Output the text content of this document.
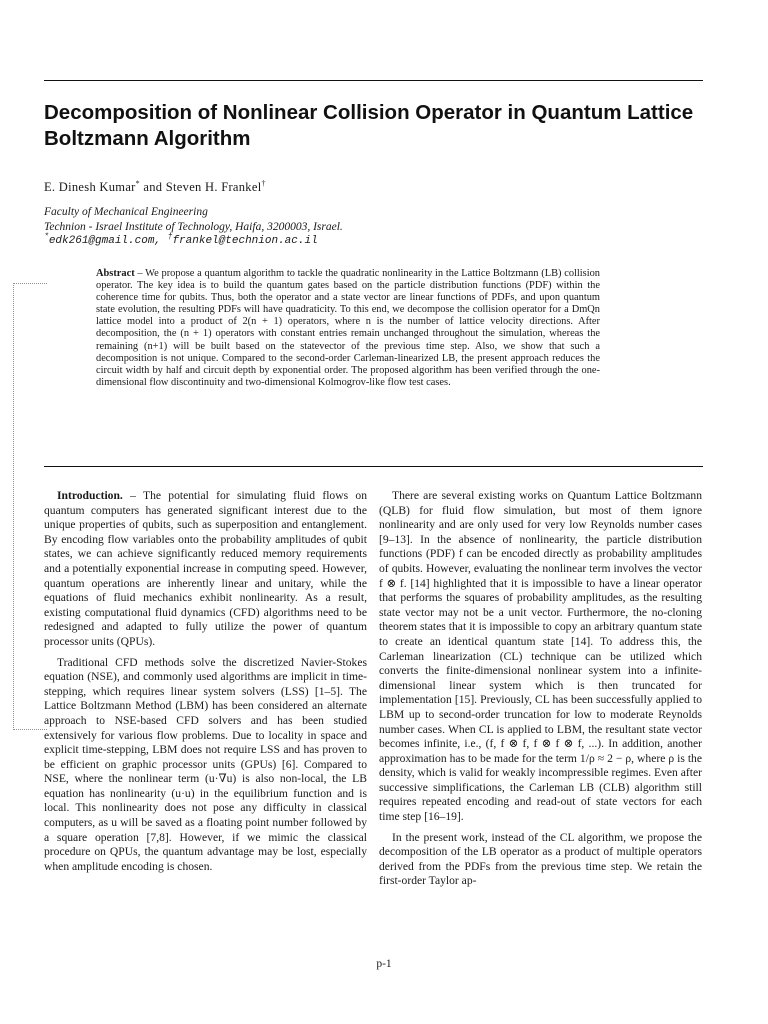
Decomposition of Nonlinear Collision Operator in Quantum Lattice Boltzmann Algorithm
E. Dinesh Kumar* and Steven H. Frankel†
Faculty of Mechanical Engineering
Technion - Israel Institute of Technology, Haifa, 3200003, Israel.
*edk261@gmail.com, †frankel@technion.ac.il

Abstract – We propose a quantum algorithm to tackle the quadratic nonlinearity in the Lattice Boltzmann (LB) collision operator. The key idea is to build the quantum gates based on the particle distribution functions (PDF) within the coherence time for qubits. Thus, both the operator and a state vector are linear functions of PDFs, and upon quantum state evolution, the resulting PDFs will have quadraticity. To this end, we decompose the collision operator for a DmQn lattice model into a product of 2(n + 1) operators, where n is the number of lattice velocity directions. After decomposition, the (n + 1) operators with constant entries remain unchanged throughout the simulation, whereas the remaining (n+1) will be built based on the statevector of the previous time step. Also, we show that such a decomposition is not unique. Compared to the second-order Carleman-linearized LB, the present approach reduces the circuit width by half and circuit depth by exponential order. The proposed algorithm has been verified through the one-dimensional flow discontinuity and two-dimensional Kolmogrov-like flow test cases.

Introduction. – The potential for simulating fluid flows on quantum computers has generated significant interest due to the unique properties of qubits, such as superposition and entanglement. By encoding flow variables onto the probability amplitudes of qubit states, we can achieve significantly reduced memory requirements and a potentially exponential increase in computing speed. However, quantum operations are inherently linear and unitary, while the equations of fluid mechanics exhibit nonlinearity. As a result, existing computational fluid dynamics (CFD) algorithms need to be redesigned and adapted to fully utilize the power of quantum processor units (QPUs).

Traditional CFD methods solve the discretized Navier-Stokes equation (NSE), and commonly used algorithms are implicit in time-stepping, which requires linear system solvers (LSS) [1–5]. The Lattice Boltzmann Method (LBM) has been considered an alternate approach to NSE-based CFD solvers and has been studied extensively for various flow problems. Due to locality in space and explicit time-stepping, LBM does not require LSS and has proven to be efficient on graphic processor units (GPUs) [6]. Compared to NSE, where the nonlinear term (u·∇u) is also non-local, the LB equation has nonlinearity (u·u) in the equilibrium function and is local. This nonlinearity does not pose any difficulty in classical computers, as u will be saved as a floating point number followed by a square operation [7,8]. However, if we mimic the classical procedure on QPUs, the quantum advantage may be lost, especially when amplitude encoding is chosen.

There are several existing works on Quantum Lattice Boltzmann (QLB) for fluid flow simulation, but most of them ignore nonlinearity and are only used for very low Reynolds number cases [9–13]. In the absence of nonlinearity, the particle distribution functions (PDF) f can be encoded directly as probability amplitudes of qubits. However, evaluating the nonlinear term involves the vector f ⊗ f. [14] highlighted that it is impossible to have a linear operator that performs the squares of probability amplitudes, as the resulting state vector may not be a unit vector. Furthermore, the no-cloning theorem states that it is impossible to copy an arbitrary quantum state to create an identical quantum state [14]. To address this, the Carleman linearization (CL) technique can be utilized which converts the finite-dimensional nonlinear system into a infinite-dimensional linear system which is then truncated for implementation [15]. Previously, CL has been successfully applied to LBM up to second-order truncation for low to moderate Reynolds number cases. When CL is applied to LBM, the resultant state vector becomes infinite, i.e., (f, f ⊗ f, f ⊗ f ⊗ f, ...). In addition, another approximation has to be made for the term 1/ρ ≈ 2 − ρ, where ρ is the density, which is valid for weakly incompressible regimes. Even after successive simplifications, the Carleman LB (CLB) algorithm still requires repeated encoding and read-out of state vectors for each time step [16–19].

In the present work, instead of the CL algorithm, we propose the decomposition of the LB operator as a product of multiple operators derived from the PDFs from the previous time step. We retain the first-order Taylor ap-

p-1
